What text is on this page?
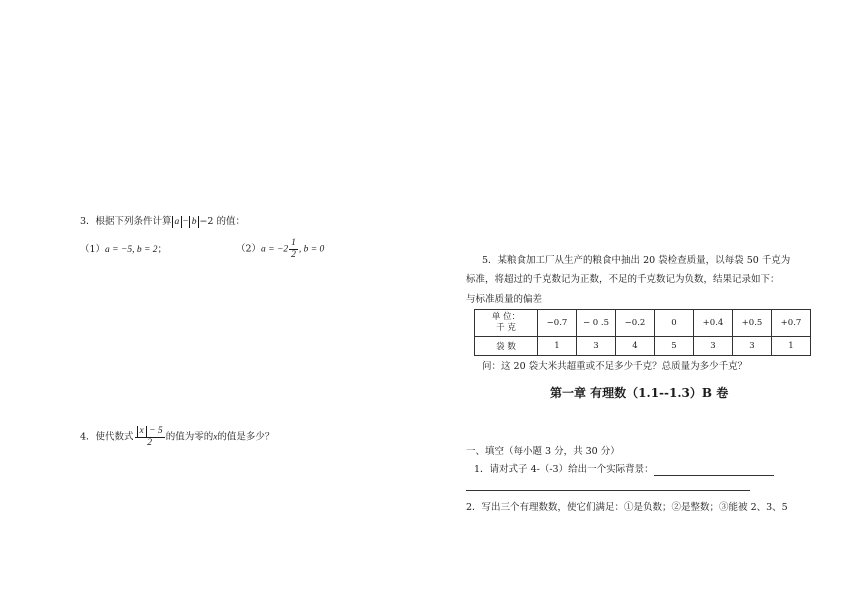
3．根据下列条件计算 a − b −2 的值：
（1）a = −5, b = 2；	$(2)a = -2 \frac{1}{2}$ , b = 0
4．使代数式 $\frac{x - 5}{2}$ 的值为零的x的值是多少？
5．某粮食加工厂从生产的粮食中抽出 20 袋检查质量，以每袋 50 千克为
标准，将超过的千克数记为正数，不足的千克数记为负数，结果记录如下：
与标准质量的偏差
单 位：
千 克	−0.7	− 0 .5	−0.2	0	+0.4	+0.5	+0.7
袋 数	1	3	4	5	3	3	1
问：这 20 袋大米共超重或不足多少千克？总质量为多少千克？
第一章 有理数（1.1--1.3）B 卷
一、填空（每小题 3 分，共 30 分）
1．请对式子 4-（-3）给出一个实际背景：
2．写出三个有理数数，使它们满足：①是负数；②是整数；③能被 2、3、5
